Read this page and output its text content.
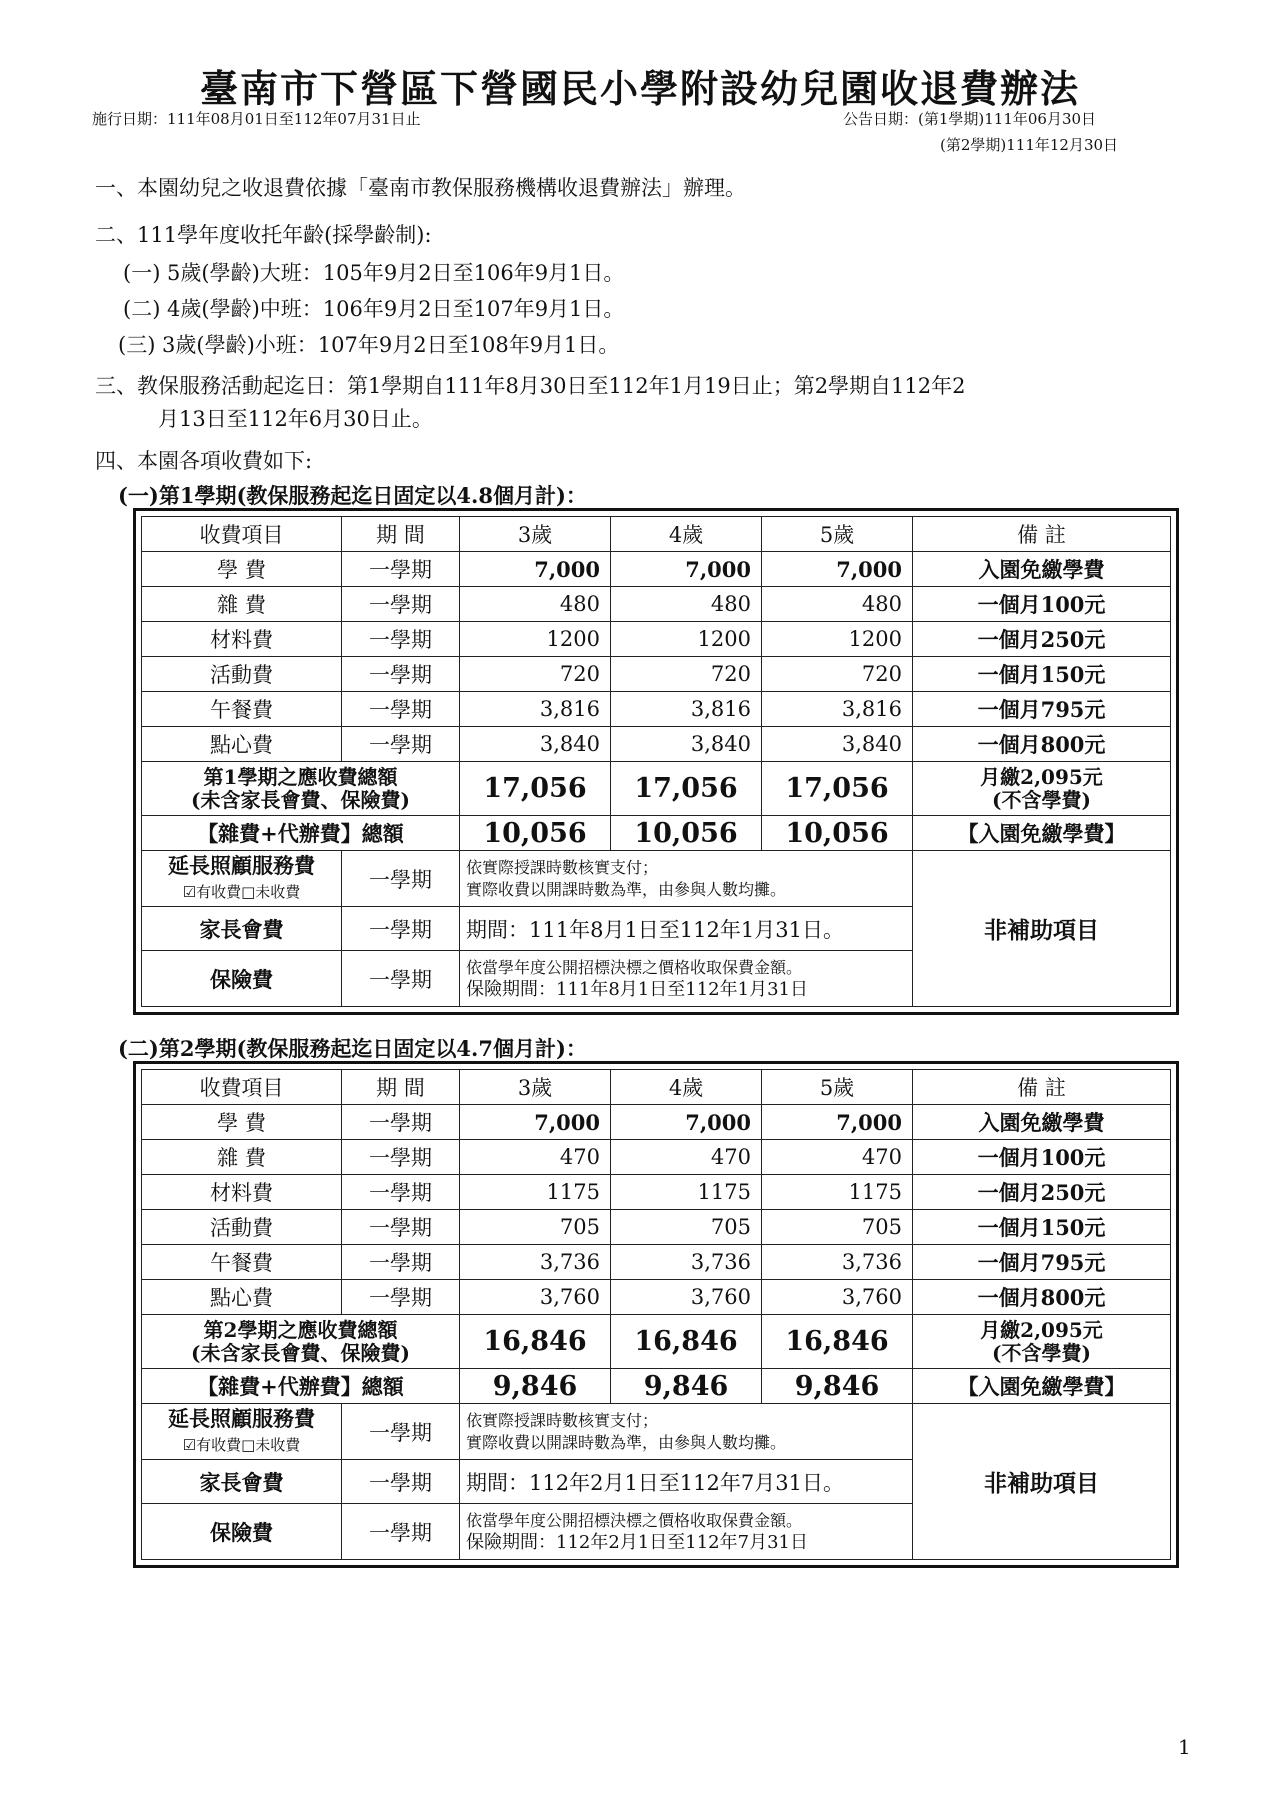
臺南市下營區下營國民小學附設幼兒園收退費辦法
施行日期：111年08月01日至112年07月31日止	公告日期：(第1學期)111年06月30日
(第2學期)111年12月30日
一、本園幼兒之收退費依據「臺南市教保服務機構收退費辦法」辦理。
二、111學年度收托年齡(採學齡制):
(一) 5歲(學齡)大班：105年9月2日至106年9月1日。
(二) 4歲(學齡)中班：106年9月2日至107年9月1日。
(三) 3歲(學齡)小班：107年9月2日至108年9月1日。
三、教保服務活動起迄日：第1學期自111年8月30日至112年1月19日止；第2學期自112年2
月13日至112年6月30日止。
四、本園各項收費如下:
(一)第1學期(教保服務起迄日固定以4.8個月計)：
收費項目	期 間	3歲	4歲	5歲	備 註
學 費	一學期	7,000	7,000	7,000	入園免繳學費
雜 費	一學期	480	480	480	一個月100元
材料費	一學期	1200	1200	1200	一個月250元
活動費	一學期	720	720	720	一個月150元
午餐費	一學期	3,816	3,816	3,816	一個月795元
點心費	一學期	3,840	3,840	3,840	一個月800元
第1學期之應收費總額
(未含家長會費、保險費)		17,056	17,056	17,056	月繳2,095元
(不含學費)
【雜費+代辦費】總額		10,056	10,056	10,056	【入園免繳學費】
延長照顧服務費
☑有收費□未收費	一學期	依實際授課時數核實支付；
實際收費以開課時數為準，由參與人數均攤。			非補助項目
家長會費	一學期	期間：111年8月1日至112年1月31日。			
保險費	一學期	依當學年度公開招標決標之價格收取保費金額。
保險期間：111年8月1日至112年1月31日			
(二)第2學期(教保服務起迄日固定以4.7個月計)：
收費項目	期 間	3歲	4歲	5歲	備 註
學 費	一學期	7,000	7,000	7,000	入園免繳學費
雜 費	一學期	470	470	470	一個月100元
材料費	一學期	1175	1175	1175	一個月250元
活動費	一學期	705	705	705	一個月150元
午餐費	一學期	3,736	3,736	3,736	一個月795元
點心費	一學期	3,760	3,760	3,760	一個月800元
第2學期之應收費總額
(未含家長會費、保險費)		16,846	16,846	16,846	月繳2,095元
(不含學費)
【雜費+代辦費】總額		9,846	9,846	9,846	【入園免繳學費】
延長照顧服務費
☑有收費□未收費	一學期	依實際授課時數核實支付；
實際收費以開課時數為準，由參與人數均攤。			非補助項目
家長會費	一學期	期間：112年2月1日至112年7月31日。			
保險費	一學期	依當學年度公開招標決標之價格收取保費金額。
保險期間：112年2月1日至112年7月31日			
1
